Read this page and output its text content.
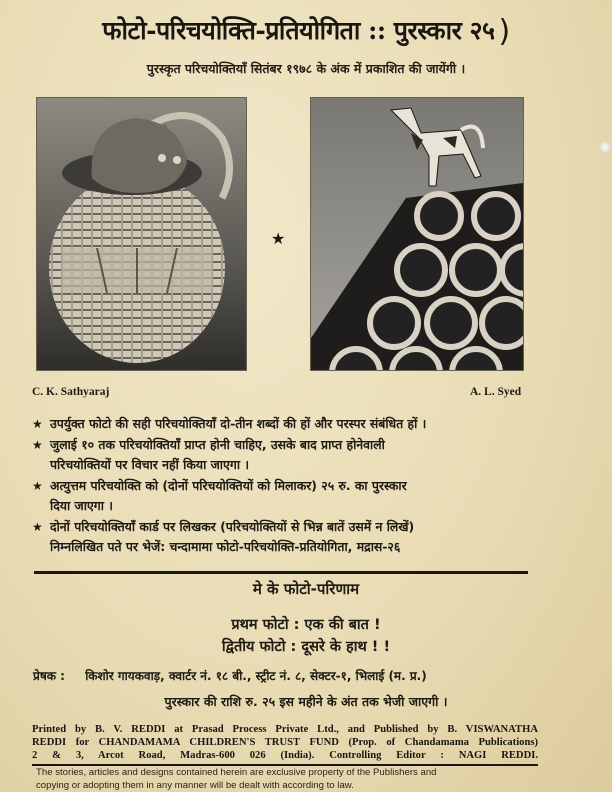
फोटो-परिचयोक्ति-प्रतियोगिता :: पुरस्कार २५ )
पुरस्कृत परिचयोक्तियाँ सितंबर १९७८ के अंक में प्रकाशित की जायेंगी ।
★
C. K. Sathyaraj	A. L. Syed
★ उपर्युक्त फोटो की सही परिचयोक्तियाँ दो-तीन शब्दों की हों और परस्पर संबंधित हों ।
★ जुलाई १० तक परिचयोक्तियाँ प्राप्त होनी चाहिए, उसके बाद प्राप्त होनेवाली
परिचयोक्तियों पर विचार नहीं किया जाएगा ।
★ अत्युत्तम परिचयोक्ति को (दोनों परिचयोक्तियों को मिलाकर) २५ रु. का पुरस्कार
दिया जाएगा ।
★ दोनों परिचयोक्तियाँ कार्ड पर लिखकर (परिचयोक्तियों से भिन्न बातें उसमें न लिखें)
निम्नलिखित पते पर भेजें: चन्दामामा फोटो-परिचयोक्ति-प्रतियोगिता, मद्रास-२६
मे के फोटो-परिणाम
प्रथम फोटो : एक की बात !
द्वितीय फोटो : दूसरे के हाथ ! !
प्रेषक : किशोर गायकवाड़, क्वार्टर नं. १८ बी., स्ट्रीट नं. ८, सेक्टर-१, भिलाई (म. प्र.)
पुरस्कार की राशि रु. २५ इस महीने के अंत तक भेजी जाएगी ।
Printed by B. V. REDDI at Prasad Process Private Ltd., and Published by B. VISWANATHA
REDDI for CHANDAMAMA CHILDREN'S TRUST FUND (Prop. of Chandamama Publications)
2 & 3, Arcot Road, Madras-600 026 (India). Controlling Editor : NAGI REDDI.
The stories, articles and designs contained herein are exclusive property of the Publishers and
copying or adopting them in any manner will be dealt with according to law.
